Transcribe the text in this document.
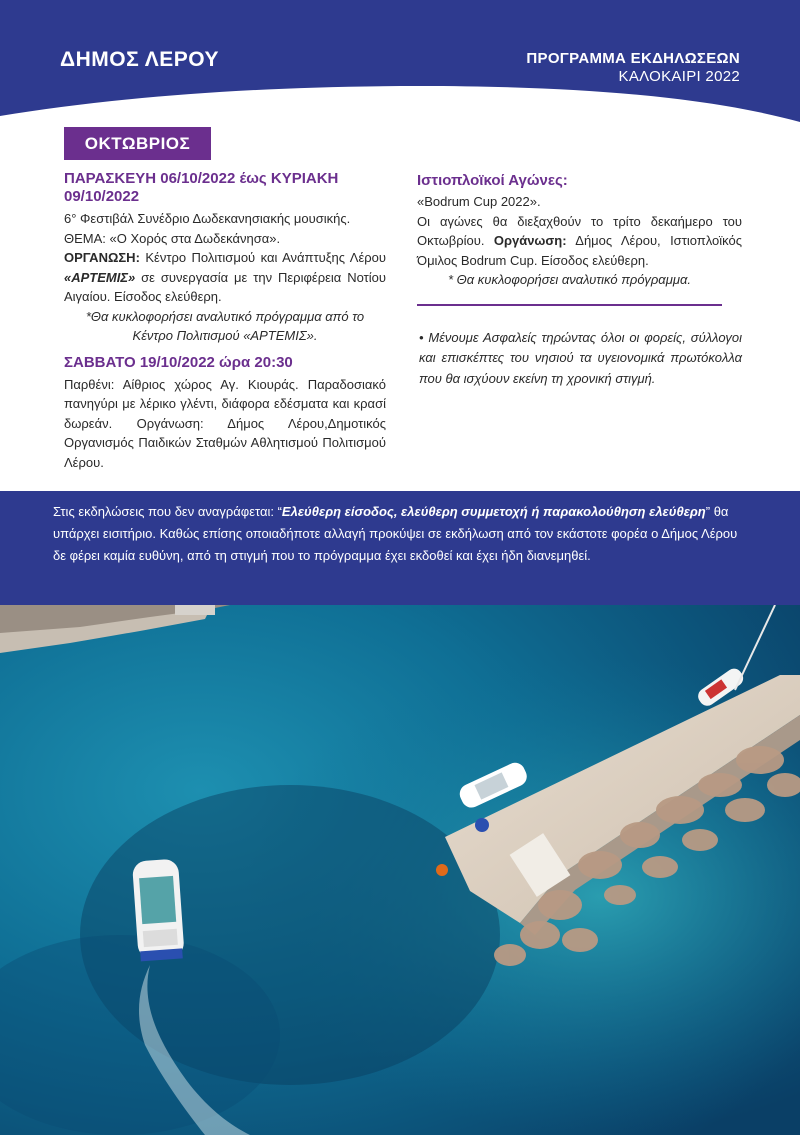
ΔΗΜΟΣ ΛΕΡΟΥ	ΠΡΟΓΡΑΜΜΑ ΕΚΔΗΛΩΣΕΩΝ
ΚΑΛΟΚΑΙΡΙ 2022
ΟΚΤΩΒΡΙΟΣ
ΠΑΡΑΣΚΕΥΗ 06/10/2022 έως ΚΥΡΙΑΚΗ 09/10/2022
6° Φεστιβάλ Συνέδριο Δωδεκανησιακής μουσικής.
ΘΕΜΑ: «Ο Χορός στα Δωδεκάνησα».
ΟΡΓΑΝΩΣΗ: Κέντρο Πολιτισμού και Ανάπτυξης Λέρου «ΑΡΤΕΜΙΣ» σε συνεργασία με την Περιφέρεια Νοτίου Αιγαίου. Είσοδος ελεύθερη.
*Θα κυκλοφορήσει αναλυτικό πρόγραμμα από το Κέντρο Πολιτισμού «ΑΡΤΕΜΙΣ».
ΣΑΒΒΑΤΟ 19/10/2022 ώρα 20:30
Παρθένι: Αίθριος χώρος Αγ. Κιουράς. Παραδοσιακό πανηγύρι με λέρικο γλέντι, διάφορα εδέσματα και κρασί δωρεάν. Οργάνωση: Δήμος Λέρου,Δημοτικός Οργανισμός Παιδικών Σταθμών Αθλητισμού Πολιτισμού Λέρου.
Ιστιοπλοϊκοί Αγώνες:
«Bodrum Cup 2022».
Οι αγώνες θα διεξαχθούν το τρίτο δεκαήμερο του Οκτωβρίου. Οργάνωση: Δήμος Λέρου, Ιστιοπλοϊκός Όμιλος Bodrum Cup. Είσοδος ελεύθερη.
* Θα κυκλοφορήσει αναλυτικό πρόγραμμα.
• Μένουμε Ασφαλείς τηρώντας όλοι οι φορείς, σύλλογοι και επισκέπτες του νησιού τα υγειονομικά πρωτόκολλα που θα ισχύουν εκείνη τη χρονική στιγμή.
Στις εκδηλώσεις που δεν αναγράφεται: “Ελεύθερη είσοδος, ελεύθερη συμμετοχή ή παρακολούθηση ελεύθερη” θα υπάρχει εισιτήριο. Καθώς επίσης οποιαδήποτε αλλαγή προκύψει σε εκδήλωση από τον εκάστοτε φορέα ο Δήμος Λέρου δε φέρει καμία ευθύνη, από τη στιγμή που το πρόγραμμα έχει εκδοθεί και έχει ήδη διανεμηθεί.
